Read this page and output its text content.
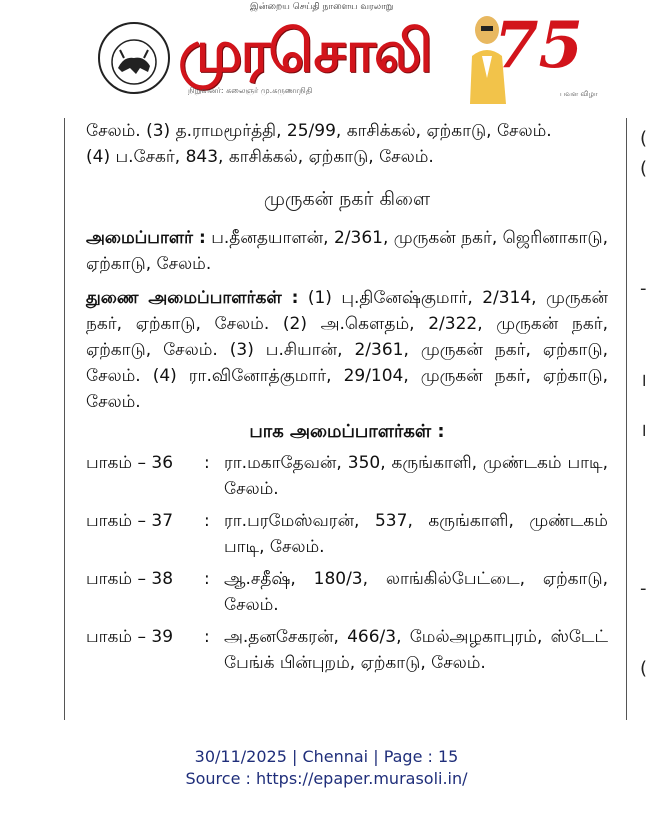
இன்றைய செய்தி நாளைய வரலாறு
முரசொலி
நிறுவனர்: கலைஞர் மு.கருணாநிதி
75
பவள விழா

சேலம். (3) த.ராமமூர்த்தி, 25/99, காசிக்கல், ஏற்காடு, சேலம்.

(4) ப.சேகர், 843, காசிக்கல், ஏற்காடு, சேலம்.

முருகன் நகர் கிளை

அமைப்பாளர் : ப.தீனதயாளன், 2/361, முருகன் நகர், ஜெரினாகாடு, ஏற்காடு, சேலம்.

துணை அமைப்பாளர்கள் : (1) பு.தினேஷ்குமார், 2/314, முருகன் நகர், ஏற்காடு, சேலம். (2) அ.கௌதம், 2/322, முருகன் நகர், ஏற்காடு, சேலம். (3) ப.சியான், 2/361, முருகன் நகர், ஏற்காடு, சேலம். (4) ரா.வினோத்குமார், 29/104, முருகன் நகர், ஏற்காடு, சேலம்.

பாக அமைப்பாளர்கள் :
பாகம் – 36 : ரா.மகாதேவன், 350, கருங்காளி, முண்டகம் பாடி, சேலம்.
பாகம் – 37 : ரா.பரமேஸ்வரன், 537, கருங்காளி, முண்டகம் பாடி, சேலம்.
பாகம் – 38 : ஆ.சதீஷ், 180/3, லாங்கில்பேட்டை, ஏற்காடு, சேலம்.
பாகம் – 39 : அ.தனசேகரன், 466/3, மேல்அழகாபுரம், ஸ்டேட் பேங்க் பின்புறம், ஏற்காடு, சேலம்.
(
(
-
।
।
-
(
30/11/2025 | Chennai | Page : 15
Source : https://epaper.murasoli.in/
